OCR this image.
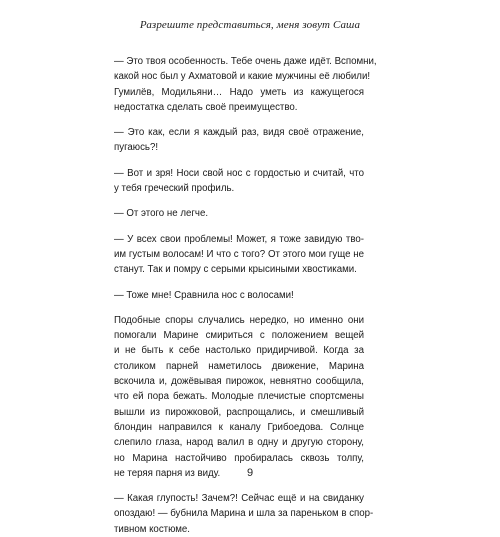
Разрешите представиться, меня зовут Саша
— Это твоя особенность. Тебе очень даже идёт. Вспомни,
какой нос был у Ахматовой и какие мужчины её любили!
Гумилёв, Модильяни… Надо уметь из кажущегося
недостатка сделать своё преимущество.
— Это как, если я каждый раз, видя своё отражение,
пугаюсь?!
— Вот и зря! Носи свой нос с гордостью и считай, что
у тебя греческий профиль.
— От этого не легче.
— У всех свои проблемы! Может, я тоже завидую тво-
им густым волосам! И что с того? От этого мои гуще не
станут. Так и помру с серыми крысиными хвостиками.
— Тоже мне! Сравнила нос с волосами!
Подобные споры случались нередко, но именно они
помогали Марине смириться с положением вещей
и не быть к себе настолько придирчивой. Когда за
столиком парней наметилось движение, Марина
вскочила и, дожёвывая пирожок, невнятно сообщила,
что ей пора бежать. Молодые плечистые спортсмены
вышли из пирожковой, распрощались, и смешливый
блондин направился к каналу Грибоедова. Солнце
слепило глаза, народ валил в одну и другую сторону,
но Марина настойчиво пробиралась сквозь толпу,
не теряя парня из виду.
— Какая глупость! Зачем?! Сейчас ещё и на свиданку
опоздаю! — бубнила Марина и шла за пареньком в спор-
тивном костюме.
9
